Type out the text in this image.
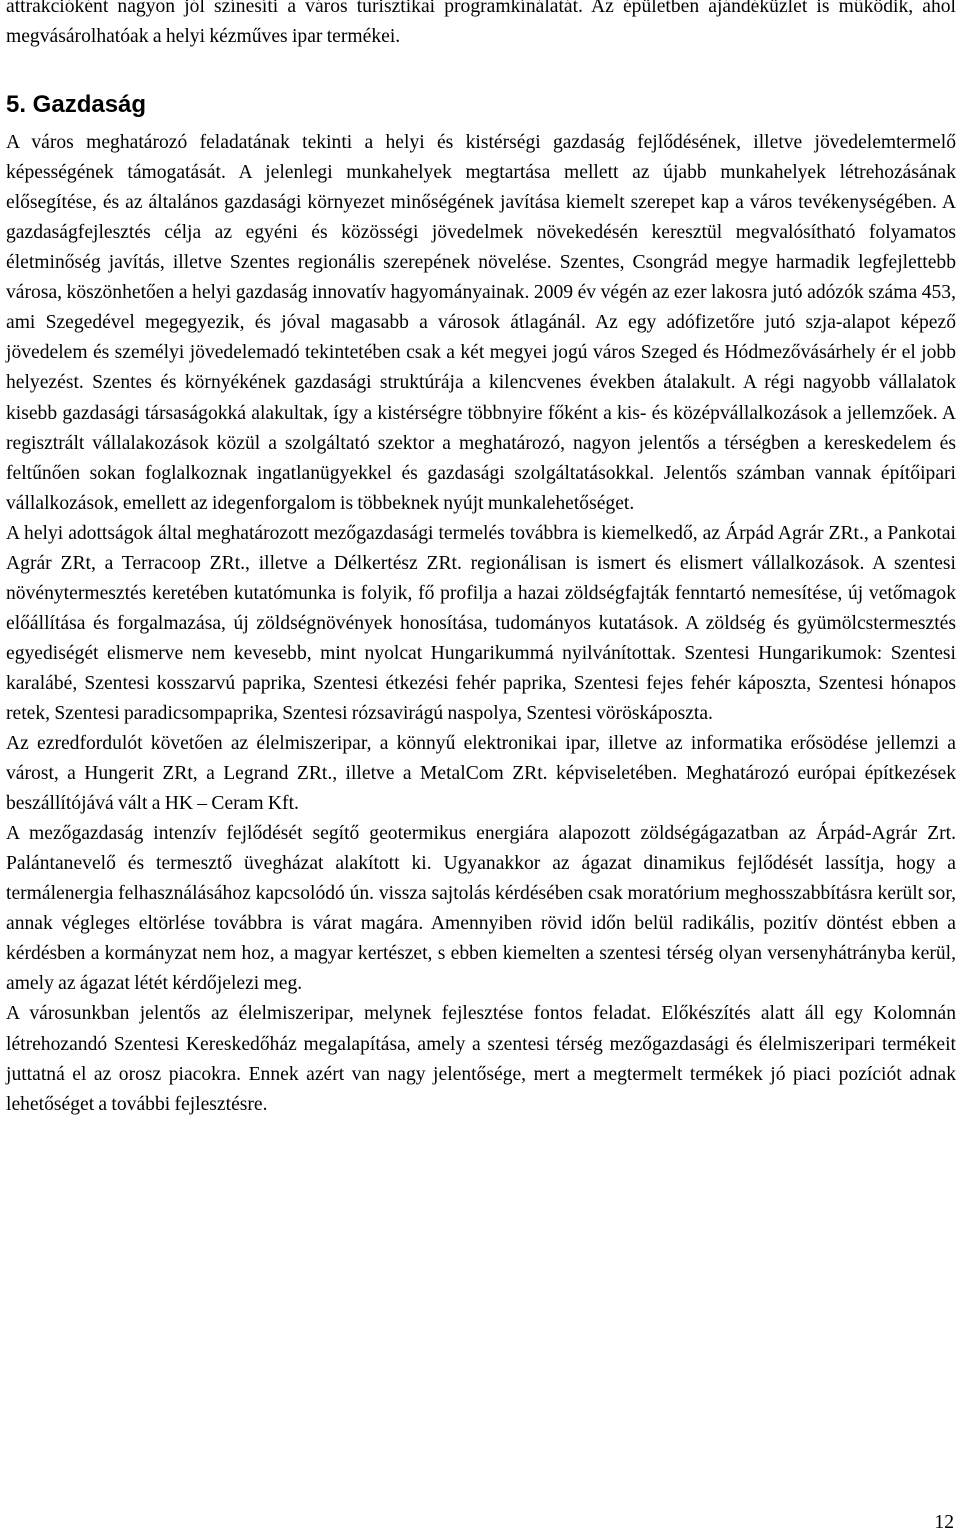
attrakcióként nagyon jól színesíti a város turisztikai programkínálatát. Az épületben ajándéküzlet is működik, ahol megvásárolhatóak a helyi kézműves ipar termékei.

5. Gazdaság

A város meghatározó feladatának tekinti a helyi és kistérségi gazdaság fejlődésének, illetve jövedelemtermelő képességének támogatását. A jelenlegi munkahelyek megtartása mellett az újabb munkahelyek létrehozásának elősegítése, és az általános gazdasági környezet minőségének javítása kiemelt szerepet kap a város tevékenységében. A gazdaságfejlesztés célja az egyéni és közösségi jövedelmek növekedésén keresztül megvalósítható folyamatos életminőség javítás, illetve Szentes regionális szerepének növelése. Szentes, Csongrád megye harmadik legfejlettebb városa, köszönhetően a helyi gazdaság innovatív hagyományainak. 2009 év végén az ezer lakosra jutó adózók száma 453, ami Szegedével megegyezik, és jóval magasabb a városok átlagánál. Az egy adófizetőre jutó szja-alapot képező jövedelem és személyi jövedelemadó tekintetében csak a két megyei jogú város Szeged és Hódmezővásárhely ér el jobb helyezést. Szentes és környékének gazdasági struktúrája a kilencvenes években átalakult. A régi nagyobb vállalatok kisebb gazdasági társaságokká alakultak, így a kistérségre többnyire főként a kis- és középvállalkozások a jellemzőek. A regisztrált vállalakozások közül a szolgáltató szektor a meghatározó, nagyon jelentős a térségben a kereskedelem és feltűnően sokan foglalkoznak ingatlanügyekkel és gazdasági szolgáltatásokkal. Jelentős számban vannak építőipari vállalkozások, emellett az idegenforgalom is többeknek nyújt munkalehetőséget.

A helyi adottságok által meghatározott mezőgazdasági termelés továbbra is kiemelkedő, az Árpád Agrár ZRt., a Pankotai Agrár ZRt, a Terracoop ZRt., illetve a Délkertész ZRt. regionálisan is ismert és elismert vállalkozások. A szentesi növénytermesztés keretében kutatómunka is folyik, fő profilja a hazai zöldségfajták fenntartó nemesítése, új vetőmagok előállítása és forgalmazása, új zöldségnövények honosítása, tudományos kutatások. A zöldség és gyümölcstermesztés egyediségét elismerve nem kevesebb, mint nyolcat Hungarikummá nyilvánítottak. Szentesi Hungarikumok: Szentesi karalábé, Szentesi kosszarvú paprika, Szentesi étkezési fehér paprika, Szentesi fejes fehér káposzta, Szentesi hónapos retek, Szentesi paradicsompaprika, Szentesi rózsavirágú naspolya, Szentesi vöröskáposzta.

Az ezredfordulót követően az élelmiszeripar, a könnyű elektronikai ipar, illetve az informatika erősödése jellemzi a várost, a Hungerit ZRt, a Legrand ZRt., illetve a MetalCom ZRt. képviseletében. Meghatározó európai építkezések beszállítójává vált a HK – Ceram Kft.

A mezőgazdaság intenzív fejlődését segítő geotermikus energiára alapozott zöldségágazatban az Árpád-Agrár Zrt. Palántanevelő és termesztő üvegházat alakított ki. Ugyanakkor az ágazat dinamikus fejlődését lassítja, hogy a termálenergia felhasználásához kapcsolódó ún. vissza sajtolás kérdésében csak moratórium meghosszabbításra került sor, annak végleges eltörlése továbbra is várat magára. Amennyiben rövid időn belül radikális, pozitív döntést ebben a kérdésben a kormányzat nem hoz, a magyar kertészet, s ebben kiemelten a szentesi térség olyan versenyhátrányba kerül, amely az ágazat létét kérdőjelezi meg.

A városunkban jelentős az élelmiszeripar, melynek fejlesztése fontos feladat. Előkészítés alatt áll egy Kolomnán létrehozandó Szentesi Kereskedőház megalapítása, amely a szentesi térség mezőgazdasági és élelmiszeripari termékeit juttatná el az orosz piacokra. Ennek azért van nagy jelentősége, mert a megtermelt termékek jó piaci pozíciót adnak lehetőséget a további fejlesztésre.

12
